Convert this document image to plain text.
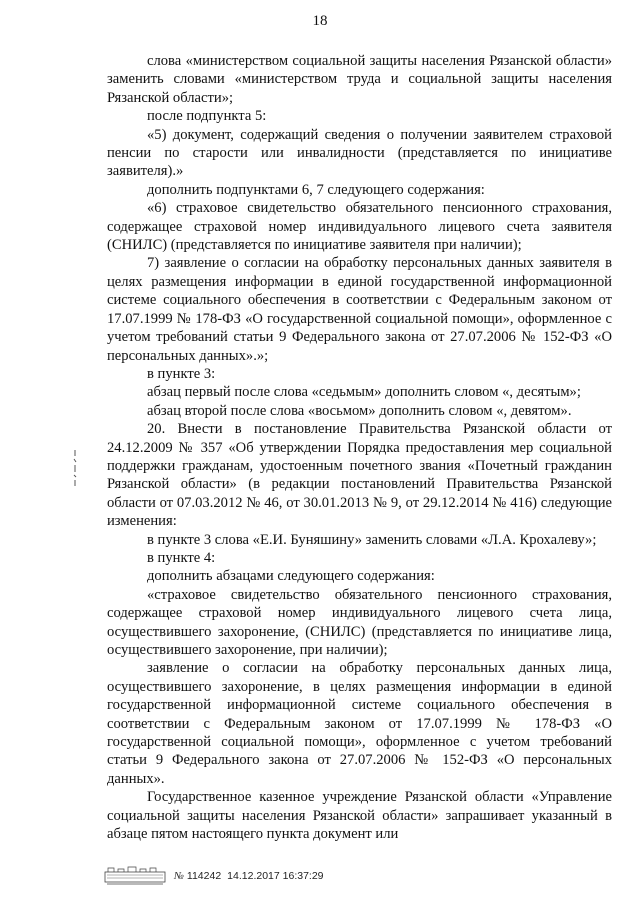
18

слова «министерством социальной защиты населения Рязанской области» заменить словами «министерством труда и социальной защиты населения Рязанской области»;

после подпункта 5:

«5) документ, содержащий сведения о получении заявителем страховой пенсии по старости или инвалидности (представляется по инициативе заявителя).»

дополнить подпунктами 6, 7 следующего содержания:

«6) страховое свидетельство обязательного пенсионного страхования, содержащее страховой номер индивидуального лицевого счета заявителя (СНИЛС) (представляется по инициативе заявителя при наличии);

7) заявление о согласии на обработку персональных данных заявителя в целях размещения информации в единой государственной информационной системе социального обеспечения в соответствии с Федеральным законом от 17.07.1999 № 178-ФЗ «О государственной социальной помощи», оформленное с учетом требований статьи 9 Федерального закона от 27.07.2006 № 152-ФЗ «О персональных данных».»;

в пункте 3:

абзац первый после слова «седьмым» дополнить словом «, десятым»;

абзац второй после слова «восьмом» дополнить словом «, девятом».

20. Внести в постановление Правительства Рязанской области от 24.12.2009 № 357 «Об утверждении Порядка предоставления мер социальной поддержки гражданам, удостоенным почетного звания «Почетный гражданин Рязанской области» (в редакции постановлений Правительства Рязанской области от 07.03.2012 № 46, от 30.01.2013 № 9, от 29.12.2014 № 416) следующие изменения:

в пункте 3 слова «Е.И. Буняшину» заменить словами «Л.А. Крохалеву»;

в пункте 4:

дополнить абзацами следующего содержания:

«страховое свидетельство обязательного пенсионного страхования, содержащее страховой номер индивидуального лицевого счета лица, осуществившего захоронение, (СНИЛС) (представляется по инициативе лица, осуществившего захоронение, при наличии);

заявление о согласии на обработку персональных данных лица, осуществившего захоронение, в целях размещения информации в единой государственной информационной системе социального обеспечения в соответствии с Федеральным законом от 17.07.1999 № 178-ФЗ «О государственной социальной помощи», оформленное с учетом требований статьи 9 Федерального закона от 27.07.2006 № 152-ФЗ «О персональных данных».

Государственное казенное учреждение Рязанской области «Управление социальной защиты населения Рязанской области» запрашивает указанный в абзаце пятом настоящего пункта документ или

№ 114242 14.12.2017 16:37:29
